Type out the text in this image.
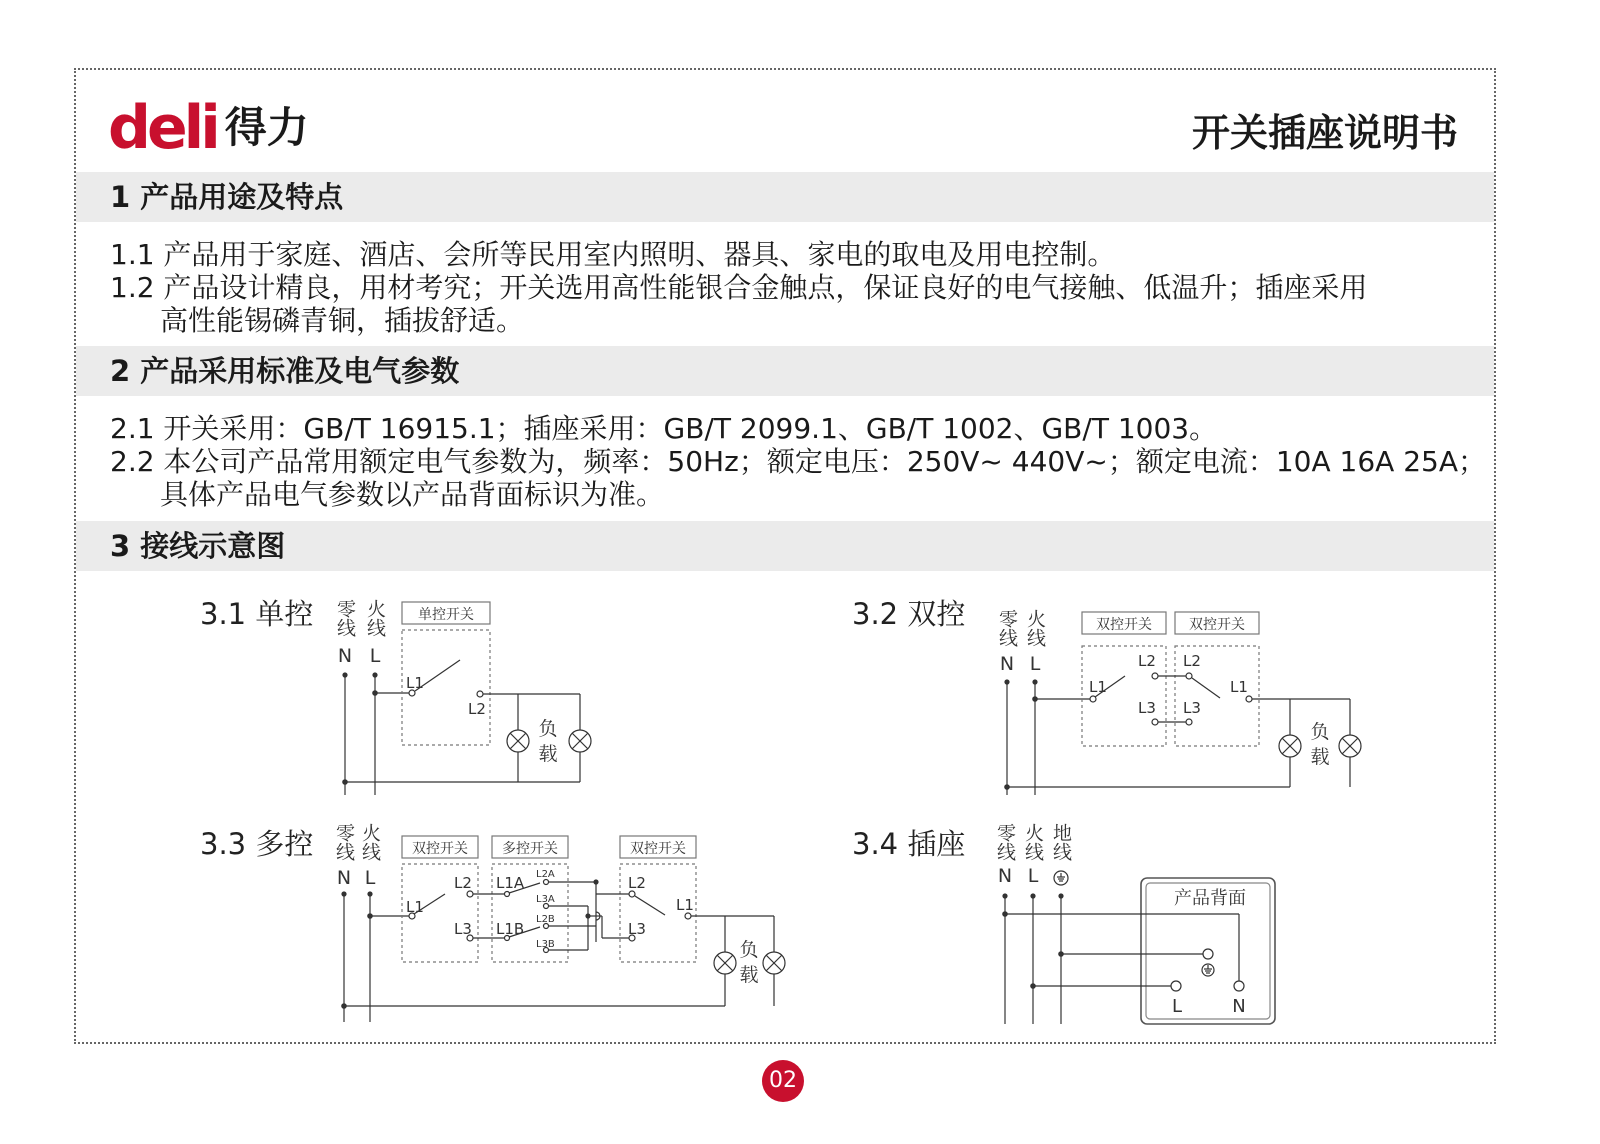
deli 得力	开关插座说明书
1 产品用途及特点
1.1 产品用于家庭、酒店、会所等民用室内照明、器具、家电的取电及用电控制。
1.2 产品设计精良，用材考究；开关选用高性能银合金触点，保证良好的电气接触、低温升；插座采用
高性能锡磷青铜，插拔舒适。
2 产品采用标准及电气参数
2.1 开关采用：GB/T 16915.1；插座采用：GB/T 2099.1、GB/T 1002、GB/T 1003。
2.2 本公司产品常用额定电气参数为，频率：50Hz；额定电压：250V~ 440V~；额定电流：10A 16A 25A；
具体产品电气参数以产品背面标识为准。
3 接线示意图
3.1 单控 零线 火线
N L
单控开关
L1
L2
负
载
3.2 双控 零线 火线
N L
双控开关	双控开关
L1
L2
L3
L2
L3
L1
负
载
3.3 多控 零线 火线
N L
双控开关 多控开关	双控开关
L1
L2
L3
L1A
L1B
L2A
L3A
L2B
L3B
L2
L3
L1
负
载
3.4 插座 零线 火线 地线
N L
产品背面
L	N
02
